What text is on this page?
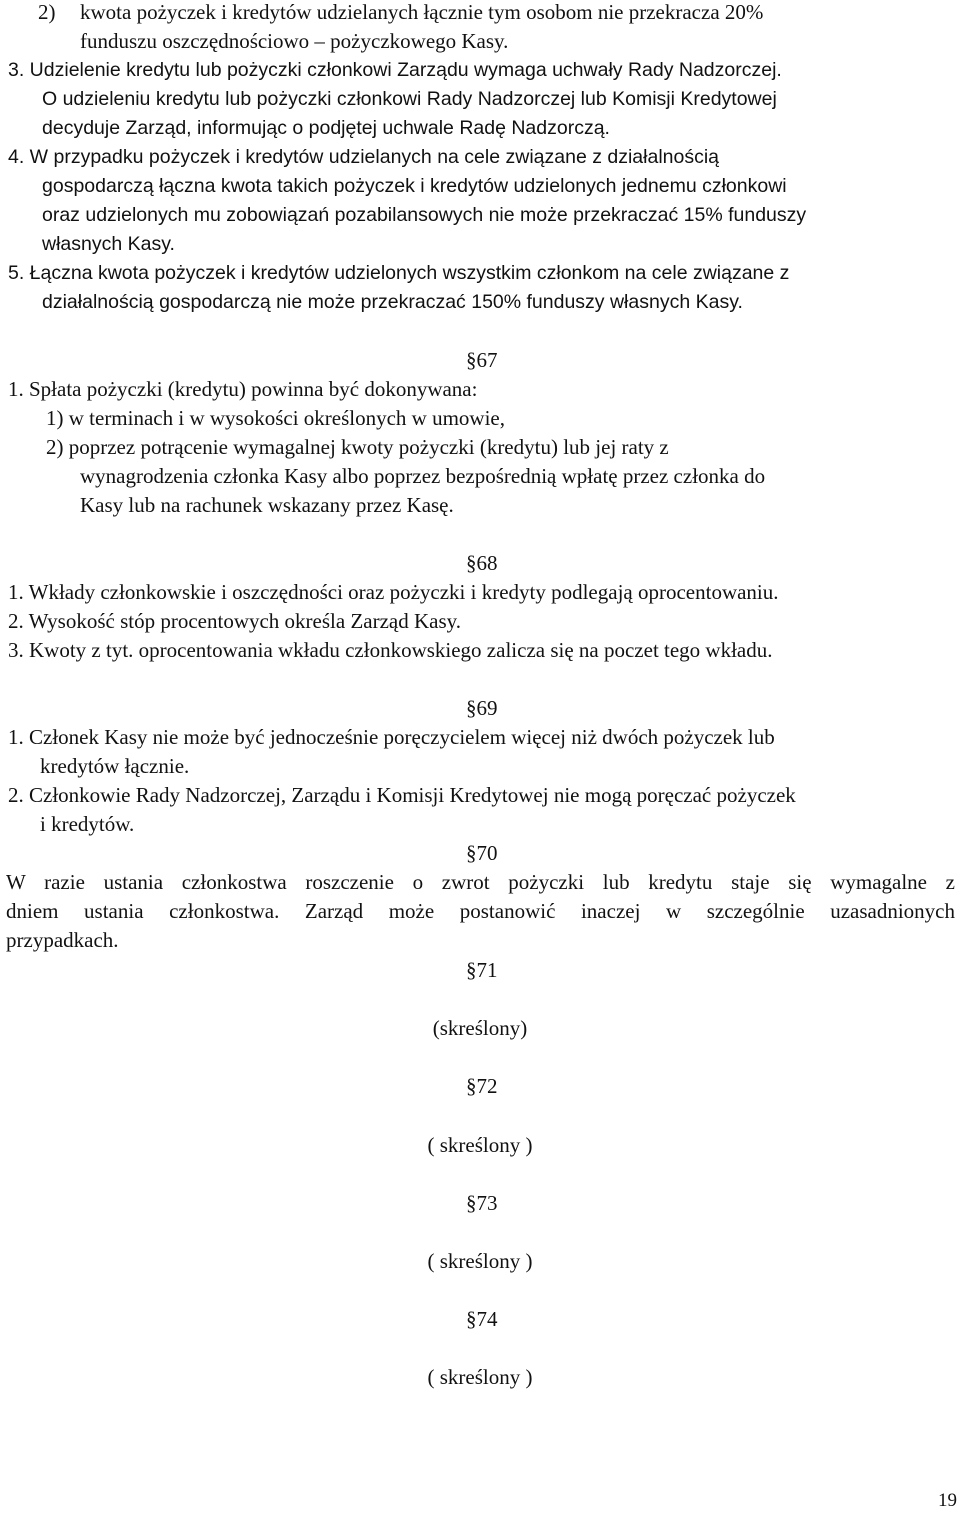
2) kwota pożyczek i kredytów udzielanych łącznie tym osobom nie przekracza 20%
funduszu oszczędnościowo – pożyczkowego Kasy.
3. Udzielenie kredytu lub pożyczki członkowi Zarządu wymaga uchwały Rady Nadzorczej.
O udzieleniu kredytu lub pożyczki członkowi Rady Nadzorczej lub Komisji Kredytowej
decyduje Zarząd, informując o podjętej uchwale Radę Nadzorczą.
4. W przypadku pożyczek i kredytów udzielanych na cele związane z działalnością
gospodarczą łączna kwota takich pożyczek i kredytów udzielonych jednemu członkowi
oraz udzielonych mu zobowiązań pozabilansowych nie może przekraczać 15% funduszy
własnych Kasy.
5. Łączna kwota pożyczek i kredytów udzielonych wszystkim członkom na cele związane z
działalnością gospodarczą nie może przekraczać 150% funduszy własnych Kasy.
§67
1. Spłata pożyczki (kredytu) powinna być dokonywana:
1) w terminach i w wysokości określonych w umowie,
2) poprzez potrącenie wymagalnej kwoty pożyczki (kredytu) lub jej raty z
wynagrodzenia członka Kasy albo poprzez bezpośrednią wpłatę przez członka do
Kasy lub na rachunek wskazany przez Kasę.
§68
1. Wkłady członkowskie i oszczędności oraz pożyczki i kredyty podlegają oprocentowaniu.
2. Wysokość stóp procentowych określa Zarząd Kasy.
3. Kwoty z tyt. oprocentowania wkładu członkowskiego zalicza się na poczet tego wkładu.
§69
1. Członek Kasy nie może być jednocześnie poręczycielem więcej niż dwóch pożyczek lub
kredytów łącznie.
2. Członkowie Rady Nadzorczej, Zarządu i Komisji Kredytowej nie mogą poręczać pożyczek
i kredytów.
§70
W razie ustania członkostwa roszczenie o zwrot pożyczki lub kredytu staje się wymagalne z
dniem ustania członkostwa. Zarząd może postanowić inaczej w szczególnie uzasadnionych
przypadkach.
§71
(skreślony)
§72
( skreślony )
§73
( skreślony )
§74
( skreślony )
19
